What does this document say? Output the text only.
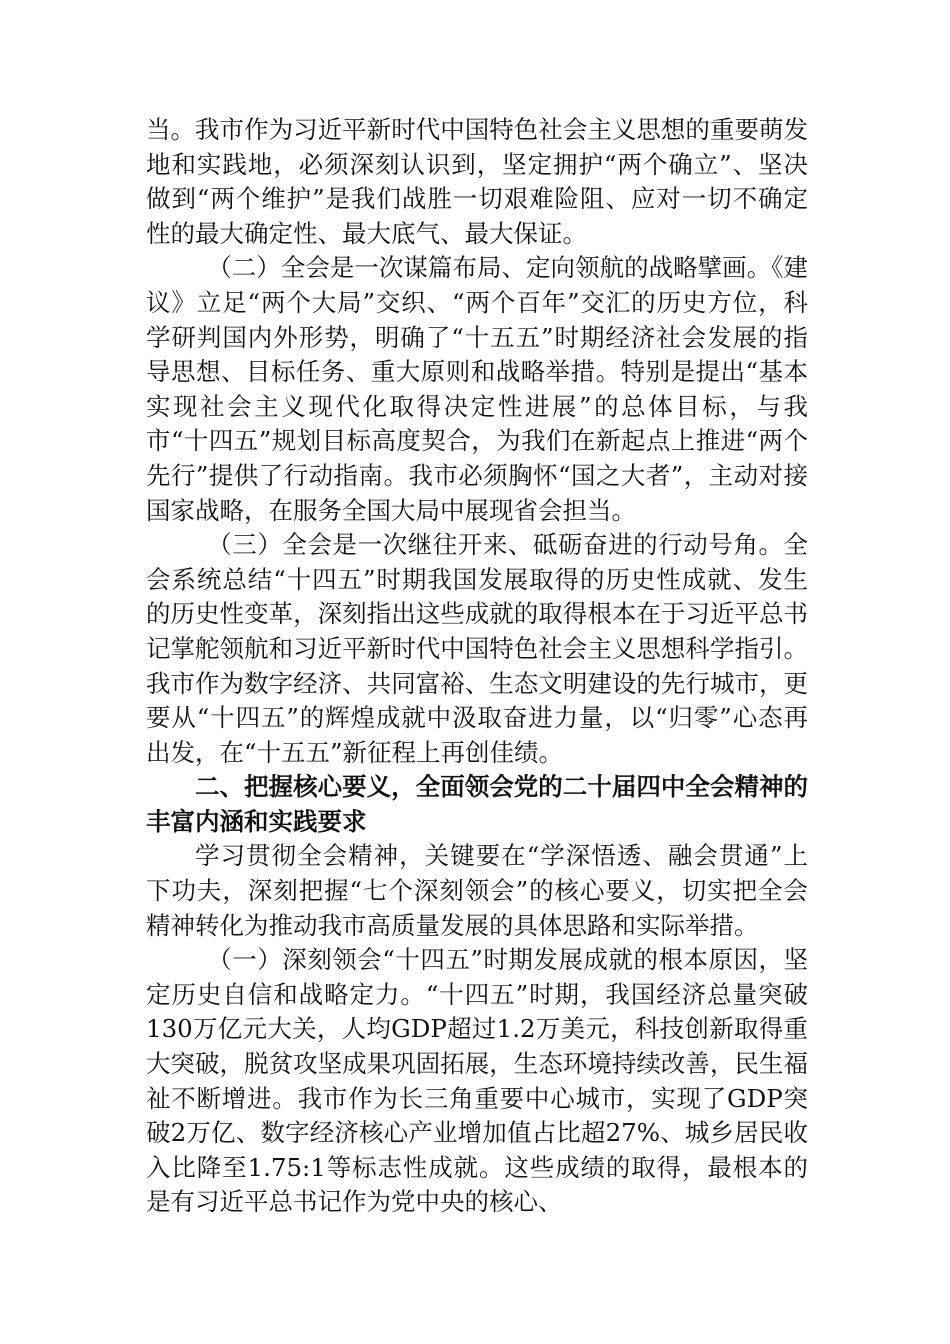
当。我市作为习近平新时代中国特色社会主义思想的重要萌发地和实践地，必须深刻认识到，坚定拥护“两个确立”、坚决做到“两个维护”是我们战胜一切艰难险阻、应对一切不确定性的最大确定性、最大底气、最大保证。

（二）全会是一次谋篇布局、定向领航的战略擘画。《建议》立足“两个大局”交织、“两个百年”交汇的历史方位，科学研判国内外形势，明确了“十五五”时期经济社会发展的指导思想、目标任务、重大原则和战略举措。特别是提出“基本实现社会主义现代化取得决定性进展”的总体目标，与我市“十四五”规划目标高度契合，为我们在新起点上推进“两个先行”提供了行动指南。我市必须胸怀“国之大者”，主动对接国家战略，在服务全国大局中展现省会担当。

（三）全会是一次继往开来、砥砺奋进的行动号角。全会系统总结“十四五”时期我国发展取得的历史性成就、发生的历史性变革，深刻指出这些成就的取得根本在于习近平总书记掌舵领航和习近平新时代中国特色社会主义思想科学指引。我市作为数字经济、共同富裕、生态文明建设的先行城市，更要从“十四五”的辉煌成就中汲取奋进力量，以“归零”心态再出发，在“十五五”新征程上再创佳绩。

二、把握核心要义，全面领会党的二十届四中全会精神的丰富内涵和实践要求

学习贯彻全会精神，关键要在“学深悟透、融会贯通”上下功夫，深刻把握“七个深刻领会”的核心要义，切实把全会精神转化为推动我市高质量发展的具体思路和实际举措。

（一）深刻领会“十四五”时期发展成就的根本原因，坚定历史自信和战略定力。“十四五”时期，我国经济总量突破130万亿元大关，人均GDP超过1.2万美元，科技创新取得重大突破，脱贫攻坚成果巩固拓展，生态环境持续改善，民生福祉不断增进。我市作为长三角重要中心城市，实现了GDP突破2万亿、数字经济核心产业增加值占比超27%、城乡居民收入比降至1.75:1等标志性成就。这些成绩的取得，最根本的是有习近平总书记作为党中央的核心、
